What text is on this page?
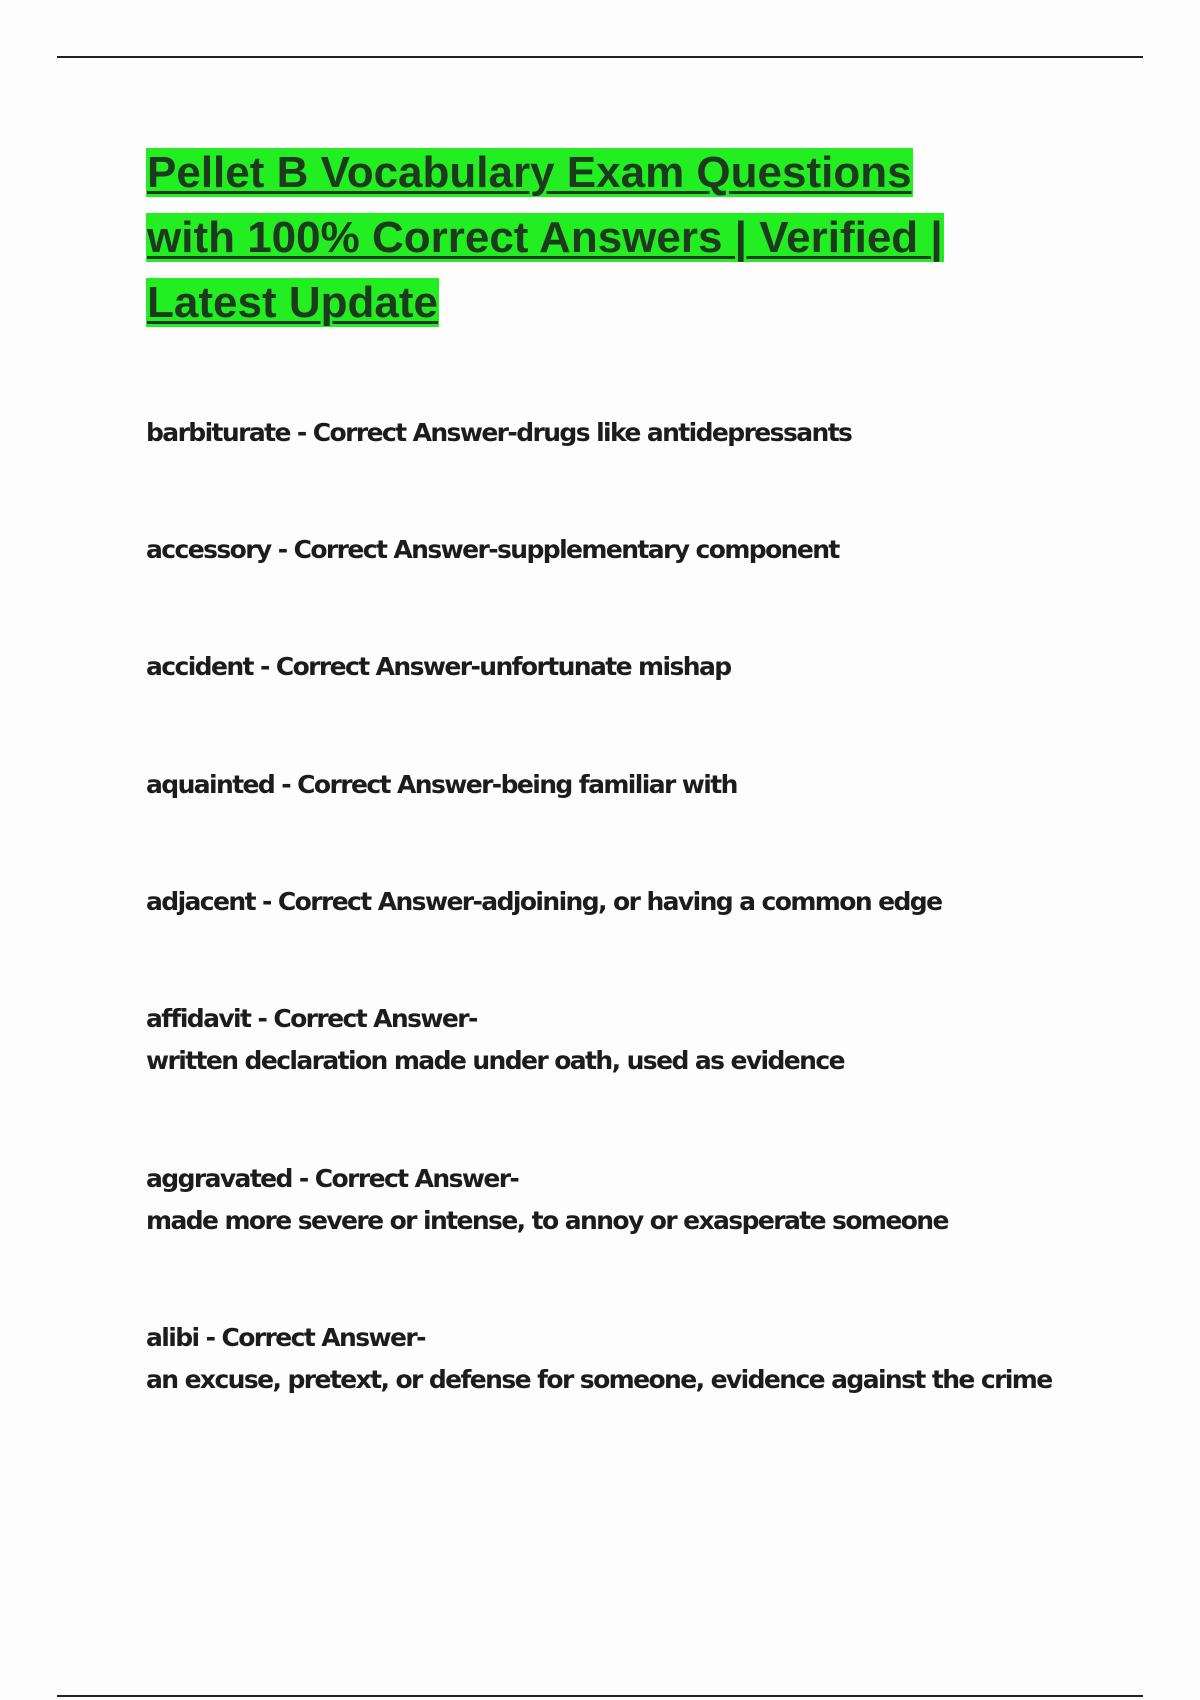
Pellet B Vocabulary Exam Questions
with 100% Correct Answers | Verified |
Latest Update
barbiturate - Correct Answer-drugs like antidepressants
accessory - Correct Answer-supplementary component
accident - Correct Answer-unfortunate mishap
aquainted - Correct Answer-being familiar with
adjacent - Correct Answer-adjoining, or having a common edge
affidavit - Correct Answer-
written declaration made under oath, used as evidence
aggravated - Correct Answer-
made more severe or intense, to annoy or exasperate someone
alibi - Correct Answer-
an excuse, pretext, or defense for someone, evidence against the crime
